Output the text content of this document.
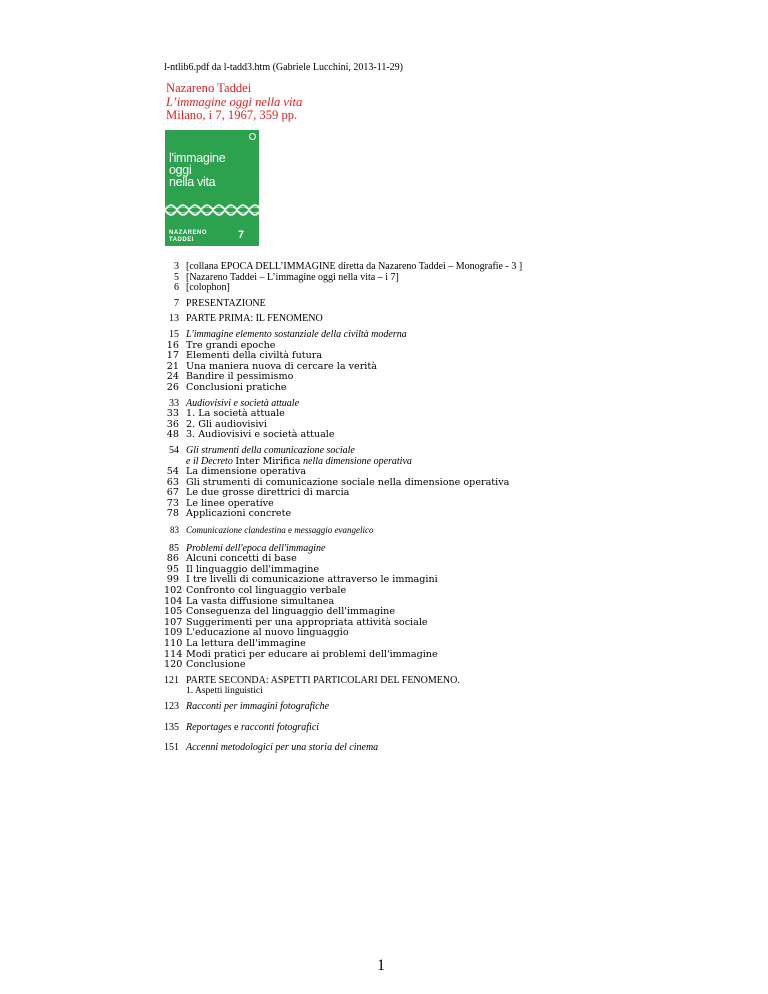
l-ntlib6.pdf da l-tadd3.htm (Gabriele Lucchini, 2013-11-29)
Nazareno Taddei
L’immagine oggi nella vita
Milano, i 7, 1967, 359 pp.
l'immagine
oggi
nella vita
NAZARENO
TADDEI	7
3 [collana EPOCA DELL’IMMAGINE diretta da Nazareno Taddei – Monografie - 3 ]
5 [Nazareno Taddei – L’immagine oggi nella vita – i 7]
6 [colophon]
7 PRESENTAZIONE
13 PARTE PRIMA: IL FENOMENO
15 L'immagine elemento sostanziale della civiltà moderna
16 Tre grandi epoche
17 Elementi della civiltà futura
21 Una maniera nuova di cercare la verità
24 Bandire il pessimismo
26 Conclusioni pratiche
33 Audiovisivi e società attuale
33 1. La società attuale
36 2. Gli audiovisivi
48 3. Audiovisivi e società attuale
54 Gli strumenti della comunicazione sociale
e il Decreto Inter Mirifica nella dimensione operativa
54 La dimensione operativa
63 Gli strumenti di comunicazione sociale nella dimensione operativa
67 Le due grosse direttrici di marcia
73 Le linee operative
78 Applicazioni concrete
83 Comunicazione clandestina e messaggio evangelico
85 Problemi dell'epoca dell'immagine
86 Alcuni concetti di base
95 Il linguaggio dell'immagine
99 I tre livelli di comunicazione attraverso le immagini
102 Confronto col linguaggio verbale
104 La vasta diffusione simultanea
105 Conseguenza del linguaggio dell'immagine
107 Suggerimenti per una appropriata attività sociale
109 L'educazione al nuovo linguaggio
110 La lettura dell'immagine
114 Modi pratici per educare ai problemi dell'immagine
120 Conclusione
121 PARTE SECONDA: ASPETTI PARTICOLARI DEL FENOMENO.
1. Aspetti linguistici
123 Racconti per immagini fotografiche
135 Reportages e racconti fotografici
151 Accenni metodologici per una storia del cinema
1
